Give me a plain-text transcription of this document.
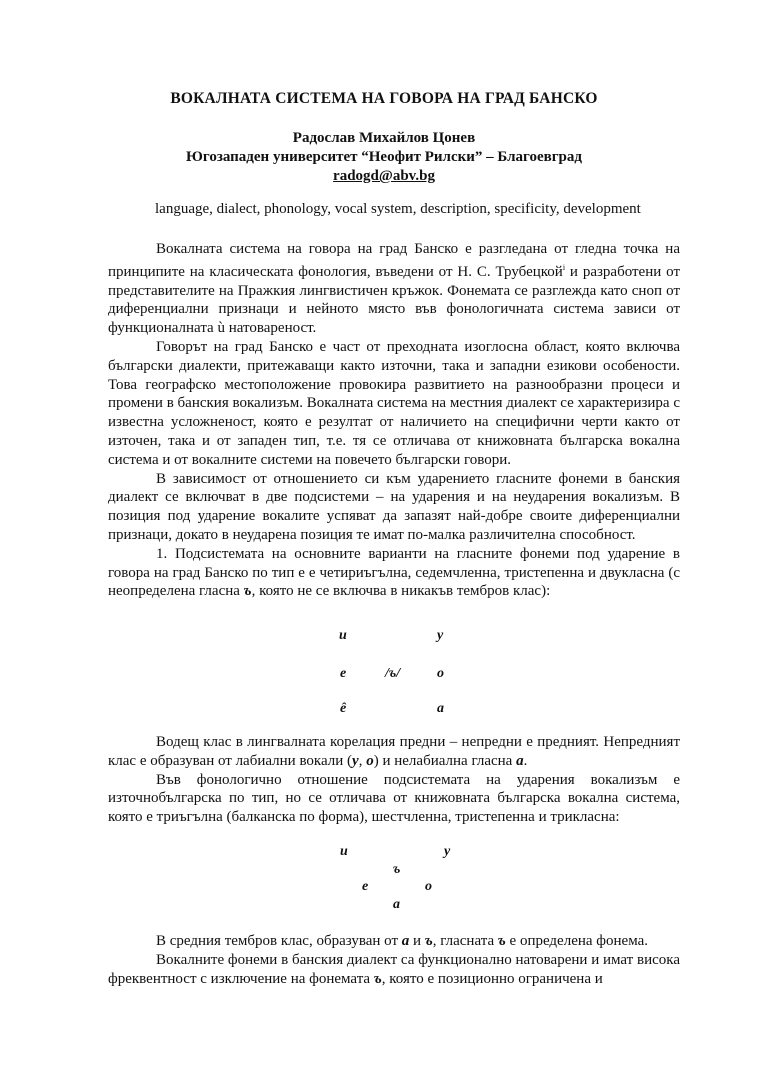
ВОКАЛНАТА СИСТЕМА НА ГОВОРА НА ГРАД БАНСКО
Радослав Михайлов Цонев
Югозападен университет “Неофит Рилски” – Благоевград
radogd@abv.bg
language, dialect, phonology, vocal system, description, specificity, development

Вокалната система на говора на град Банско е разгледана от гледна точка на принципите на класическата фонология, въведени от Н. С. Трубецкой$^i$ и разработени от представителите на Пражкия лингвистичен кръжок. Фонемата се разглежда като сноп от диференциални признаци и нейното място във фонологичната система зависи от функционалната ù натовареност.

Говорът на град Банско е част от преходната изоглосна област, която включва български диалекти, притежаващи както източни, така и западни езикови особености. Това географско местоположение провокира развитието на разнообразни процеси и промени в банския вокализъм. Вокалната система на местния диалект се характеризира с известна усложненост, която е резултат от наличието на специфични черти както от източен, така и от западен тип, т.е. тя се отличава от книжовната българска вокална система и от вокалните системи на повечето български говори.

В зависимост от отношението си към ударението гласните фонеми в банския диалект се включват в две подсистеми – на ударения и на неударения вокализъм. В позиция под ударение вокалите успяват да запазят най-добре своите диференциални признаци, докато в неударена позиция те имат по-малка различителна способност.

1. Подсистемата на основните варианти на гласните фонеми под ударение в говора на град Банско по тип е е четириъгълна, седемчленна, тристепенна и двукласна (с неопределена гласна ъ, която не се включва в никакъв тембров клас):

и	у
е	/ъ/	о
ê	а

Водещ клас в лингвалната корелация предни – непредни е предният. Непредният клас е образуван от лабиални вокали (у, о) и нелабиална гласна а.

Във фонологично отношение подсистемата на ударения вокализъм е източнобългарска по тип, но се отличава от книжовната българска вокална система, която е триъгълна (балканска по форма), шестчленна, тристепенна и трикласна:

и	у
ъ
е	о
а

В средния тембров клас, образуван от а и ъ, гласната ъ е определена фонема.

Вокалните фонеми в банския диалект са функционално натоварени и имат висока фреквентност с изключение на фонемата ъ, която е позиционно ограничена и
